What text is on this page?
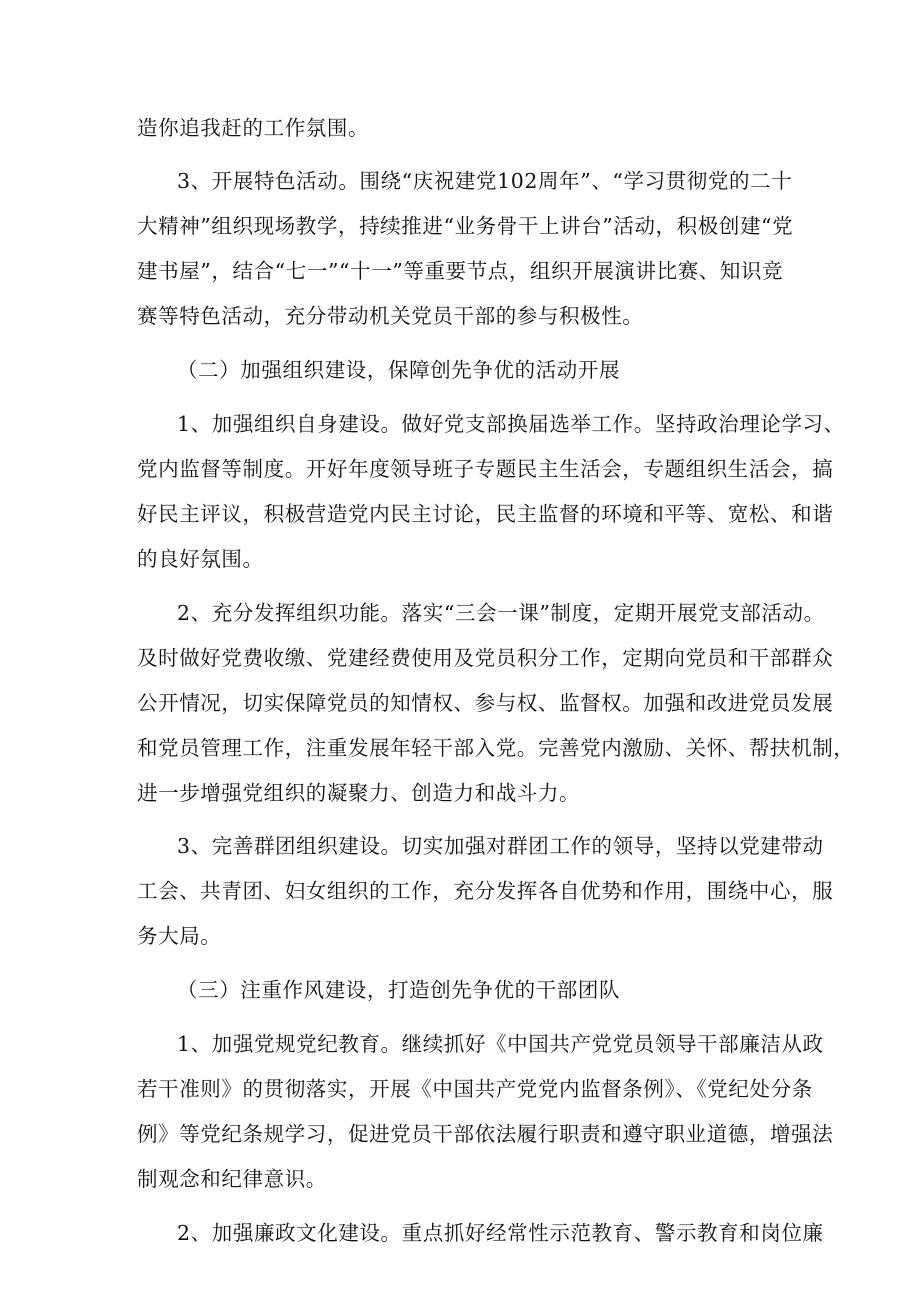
造你追我赶的工作氛围。
3、开展特色活动。围绕“庆祝建党102周年”、“学习贯彻党的二十
大精神”组织现场教学，持续推进“业务骨干上讲台”活动，积极创建“党
建书屋”，结合“七一”“十一”等重要节点，组织开展演讲比赛、知识竞
赛等特色活动，充分带动机关党员干部的参与积极性。
（二）加强组织建设，保障创先争优的活动开展
1、加强组织自身建设。做好党支部换届选举工作。坚持政治理论学习、
党内监督等制度。开好年度领导班子专题民主生活会，专题组织生活会，搞
好民主评议，积极营造党内民主讨论，民主监督的环境和平等、宽松、和谐
的良好氛围。
2、充分发挥组织功能。落实“三会一课”制度，定期开展党支部活动。
及时做好党费收缴、党建经费使用及党员积分工作，定期向党员和干部群众
公开情况，切实保障党员的知情权、参与权、监督权。加强和改进党员发展
和党员管理工作，注重发展年轻干部入党。完善党内激励、关怀、帮扶机制，
进一步增强党组织的凝聚力、创造力和战斗力。
3、完善群团组织建设。切实加强对群团工作的领导，坚持以党建带动
工会、共青团、妇女组织的工作，充分发挥各自优势和作用，围绕中心，服
务大局。
（三）注重作风建设，打造创先争优的干部团队
1、加强党规党纪教育。继续抓好《中国共产党党员领导干部廉洁从政
若干准则》的贯彻落实，开展《中国共产党党内监督条例》、《党纪处分条
例》等党纪条规学习，促进党员干部依法履行职责和遵守职业道德，增强法
制观念和纪律意识。
2、加强廉政文化建设。重点抓好经常性示范教育、警示教育和岗位廉
